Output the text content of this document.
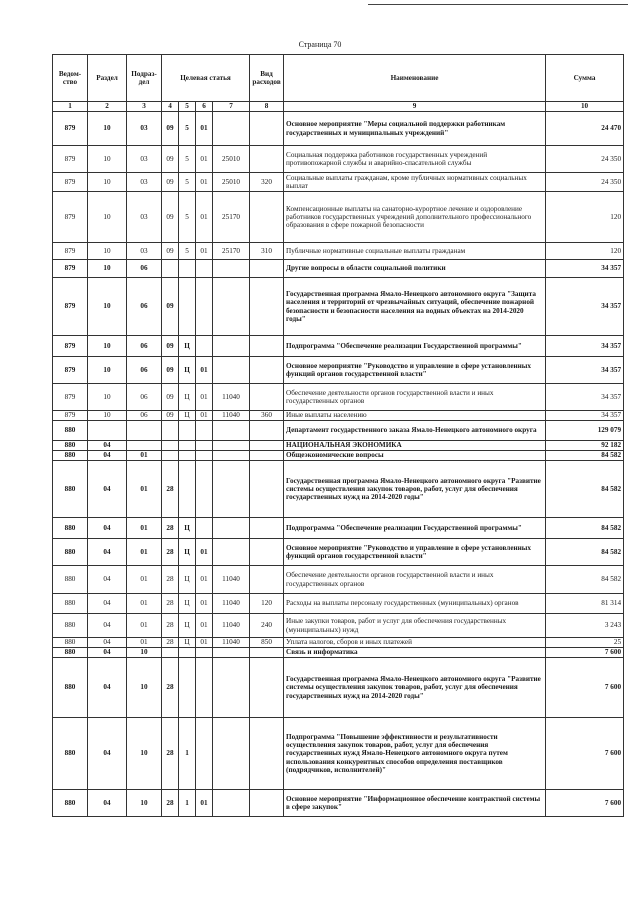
Страница 70
Ведом-ство	Раздел	Подраз-дел	Целевая статья				Вид расходов	Наименование	Сумма
1	2	3	4	5	6	7	8	9	10
879	10	03	09	5	01			Основное мероприятие "Меры социальной поддержки работникам государственных и муниципальных учреждений"	24 470
879	10	03	09	5	01	25010		Социальная поддержка работников государственных учреждений противопожарной службы и аварийно-спасательной службы	24 350
879	10	03	09	5	01	25010	320	Социальные выплаты гражданам, кроме публичных нормативных социальных выплат	24 350
879	10	03	09	5	01	25170		Компенсационные выплаты на санаторно-курортное лечение и оздоровление работников государственных учреждений дополнительного профессионального образования в сфере пожарной безопасности	120
879	10	03	09	5	01	25170	310	Публичные нормативные социальные выплаты гражданам	120
879	10	06						Другие вопросы в области социальной политики	34 357
879	10	06	09					Государственная программа Ямало-Ненецкого автономного округа "Защита населения и территорий от чрезвычайных ситуаций, обеспечение пожарной безопасности и безопасности населения на водных объектах на 2014-2020 годы"	34 357
879	10	06	09	Ц				Подпрограмма "Обеспечение реализации Государственной программы"	34 357
879	10	06	09	Ц	01			Основное мероприятие "Руководство и управление в сфере установленных функций органов государственной власти"	34 357
879	10	06	09	Ц	01	11040		Обеспечение деятельности органов государственной власти и иных государственных органов	34 357
879	10	06	09	Ц	01	11040	360	Иные выплаты населению	34 357
880								Департамент государственного заказа Ямало-Ненецкого автономного округа	129 079
880	04							НАЦИОНАЛЬНАЯ ЭКОНОМИКА	92 182
880	04	01						Общеэкономические вопросы	84 582
880	04	01	28					Государственная программа Ямало-Ненецкого автономного округа "Развитие системы осуществления закупок товаров, работ, услуг для обеспечения государственных нужд на 2014-2020 годы"	84 582
880	04	01	28	Ц				Подпрограмма "Обеспечение реализации Государственной программы"	84 582
880	04	01	28	Ц	01			Основное мероприятие "Руководство и управление в сфере установленных функций органов государственной власти"	84 582
880	04	01	28	Ц	01	11040		Обеспечение деятельности органов государственной власти и иных государственных органов	84 582
880	04	01	28	Ц	01	11040	120	Расходы на выплаты персоналу государственных (муниципальных) органов	81 314
880	04	01	28	Ц	01	11040	240	Иные закупки товаров, работ и услуг для обеспечения государственных (муниципальных) нужд	3 243
880	04	01	28	Ц	01	11040	850	Уплата налогов, сборов и иных платежей	25
880	04	10						Связь и информатика	7 600
880	04	10	28					Государственная программа Ямало-Ненецкого автономного округа "Развитие системы осуществления закупок товаров, работ, услуг для обеспечения государственных нужд на 2014-2020 годы"	7 600
880	04	10	28	1				Подпрограмма "Повышение эффективности и результативности осуществления закупок товаров, работ, услуг для обеспечения государственных нужд Ямало-Ненецкого автономного округа путем использования конкурентных способов определения поставщиков (подрядчиков, исполнителей)"	7 600
880	04	10	28	1	01			Основное мероприятие "Информационное обеспечение контрактной системы в сфере закупок"	7 600
